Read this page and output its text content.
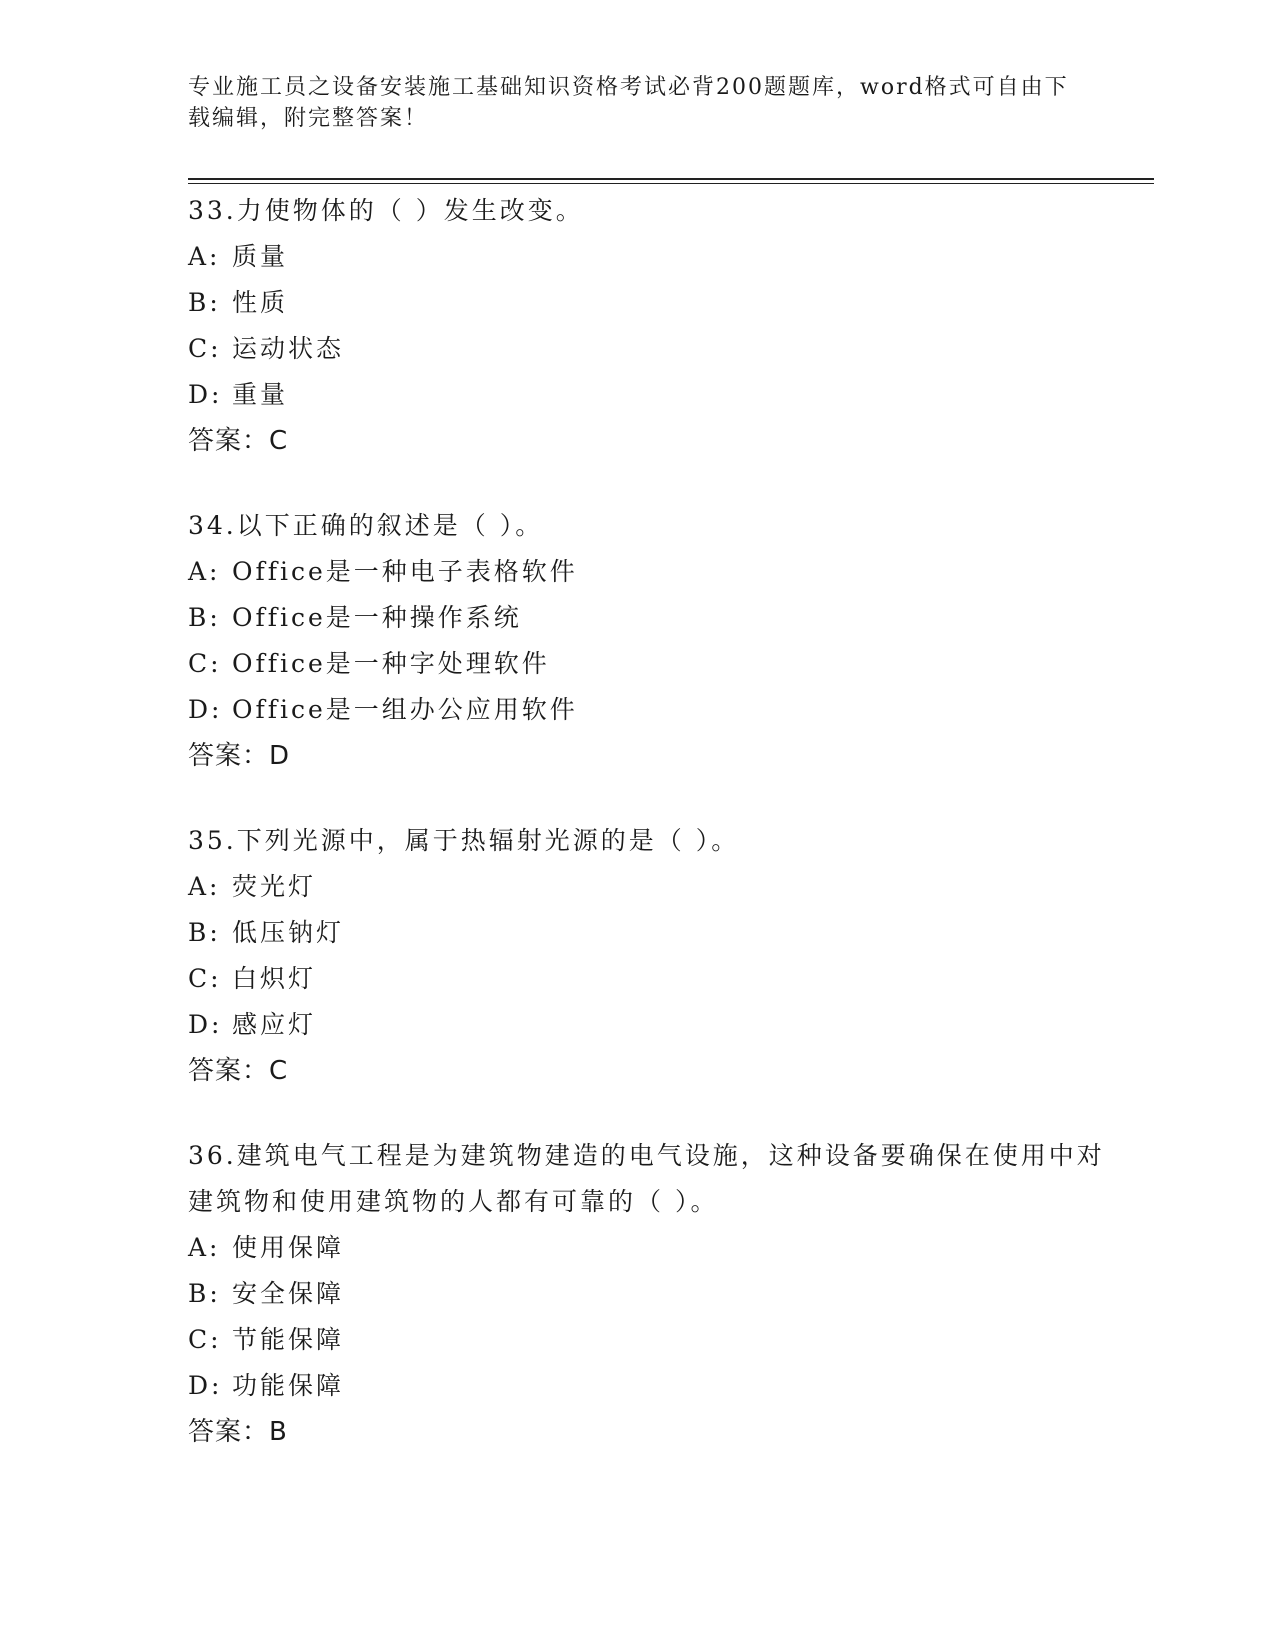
专业施工员之设备安装施工基础知识资格考试必背200题题库，word格式可自由下载编辑，附完整答案！
33.力使物体的（ ）发生改变。
A: 质量
B: 性质
C: 运动状态
D: 重量
答案：C
34.以下正确的叙述是（ ）。
A: Office是一种电子表格软件
B: Office是一种操作系统
C: Office是一种字处理软件
D: Office是一组办公应用软件
答案：D
35.下列光源中，属于热辐射光源的是（ ）。
A: 荧光灯
B: 低压钠灯
C: 白炽灯
D: 感应灯
答案：C
36.建筑电气工程是为建筑物建造的电气设施，这种设备要确保在使用中对建筑物和使用建筑物的人都有可靠的（ ）。
A: 使用保障
B: 安全保障
C: 节能保障
D: 功能保障
答案：B
